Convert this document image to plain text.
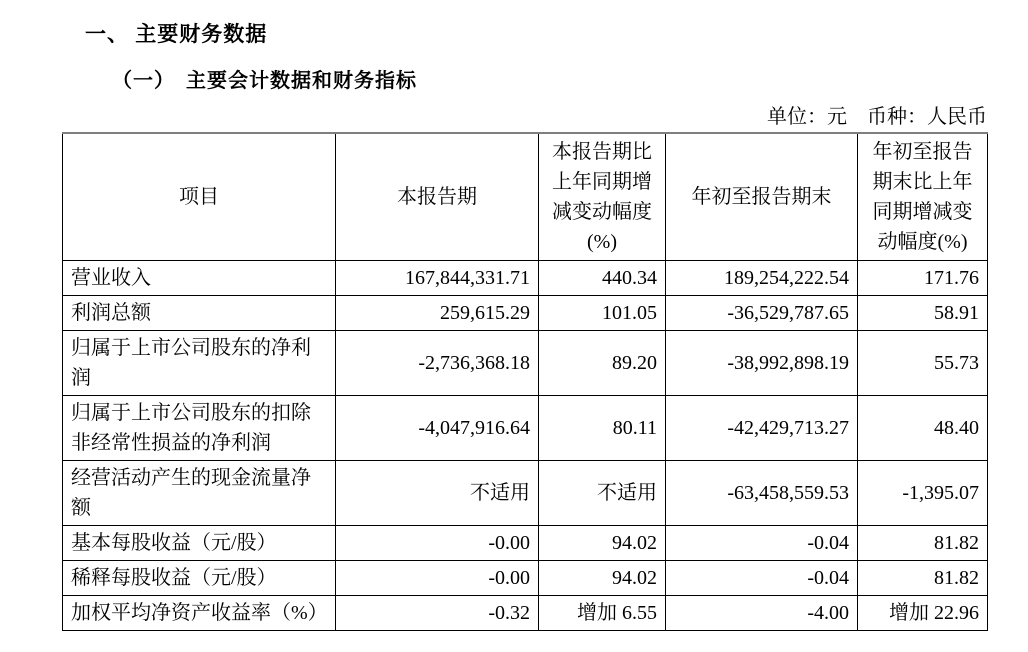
一、 主要财务数据
（一）　主要会计数据和财务指标
单位：元　币种：人民币
项目	本报告期	本报告期比上年同期增减变动幅度(%)	年初至报告期末	年初至报告期末比上年同期增减变动幅度(%)
营业收入	167,844,331.71	440.34	189,254,222.54	171.76
利润总额	259,615.29	101.05	-36,529,787.65	58.91
归属于上市公司股东的净利润	-2,736,368.18	89.20	-38,992,898.19	55.73
归属于上市公司股东的扣除非经常性损益的净利润	-4,047,916.64	80.11	-42,429,713.27	48.40
经营活动产生的现金流量净额	不适用	不适用	-63,458,559.53	-1,395.07
基本每股收益（元/股）	-0.00	94.02	-0.04	81.82
稀释每股收益（元/股）	-0.00	94.02	-0.04	81.82
加权平均净资产收益率（%）	-0.32	增加 6.55	-4.00	增加 22.96
